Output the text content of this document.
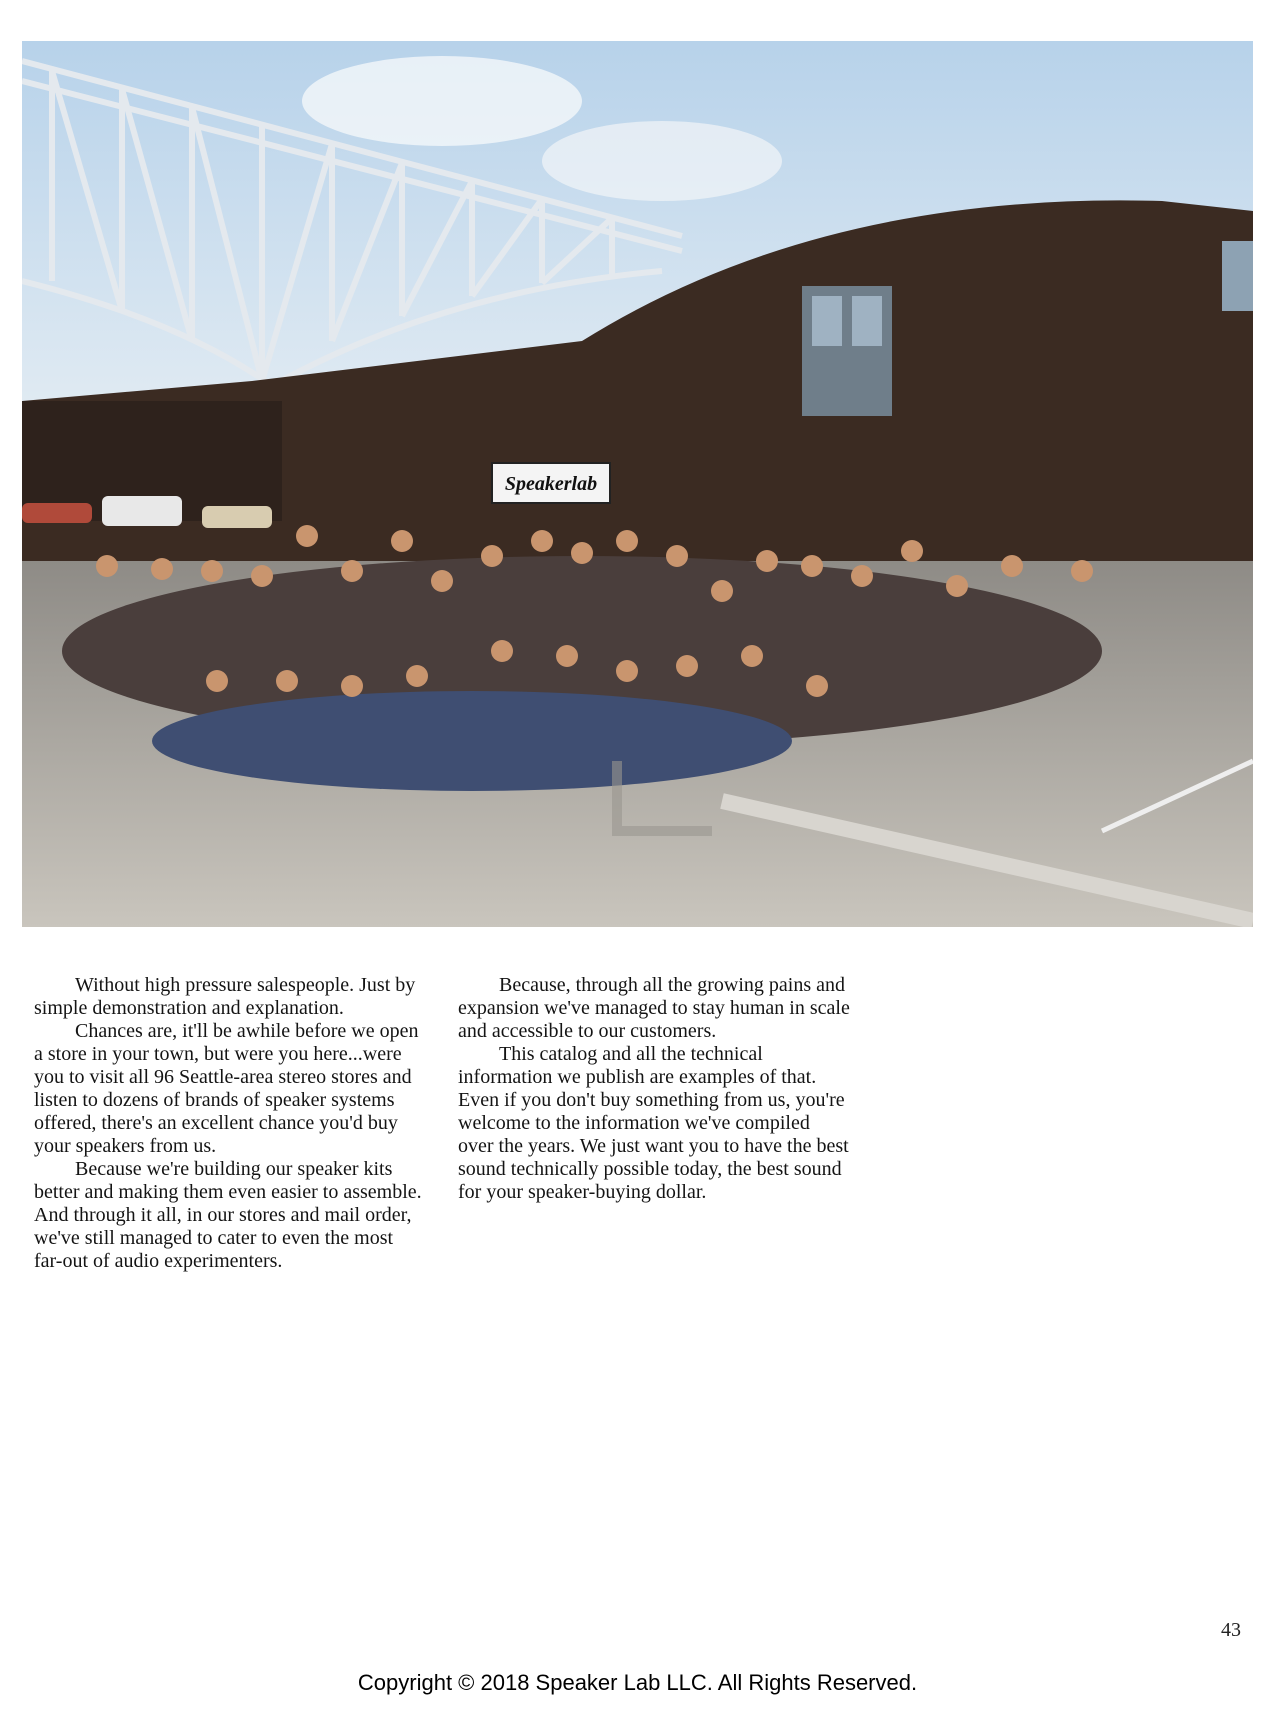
Speakerlab

Without high pressure salespeople. Just by simple demonstration and explanation.

Chances are, it'll be awhile before we open a store in your town, but were you here...were you to visit all 96 Seattle-area stereo stores and listen to dozens of brands of speaker systems offered, there's an excellent chance you'd buy your speakers from us.

Because we're building our speaker kits better and making them even easier to assemble. And through it all, in our stores and mail order, we've still managed to cater to even the most far-out of audio experimenters.

Because, through all the growing pains and expansion we've managed to stay human in scale and accessible to our customers.

This catalog and all the technical information we publish are examples of that. Even if you don't buy something from us, you're welcome to the information we've compiled over the years. We just want you to have the best sound technically possible today, the best sound for your speaker-buying dollar.

43
Copyright © 2018 Speaker Lab LLC. All Rights Reserved.
